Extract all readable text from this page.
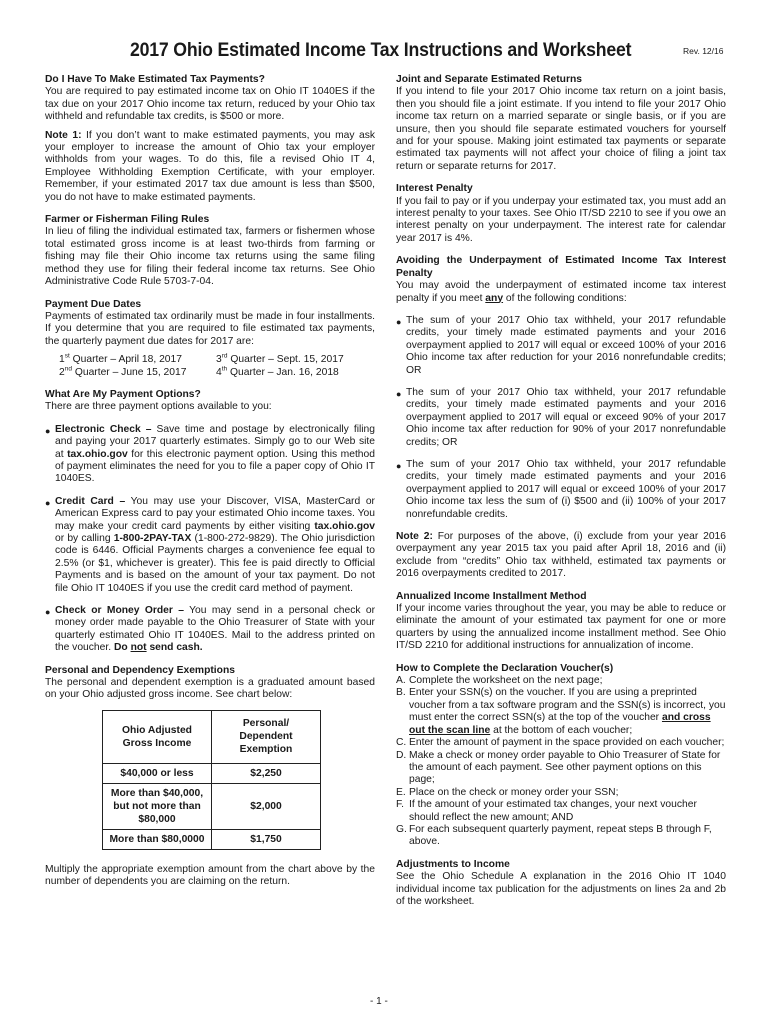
2017 Ohio Estimated Income Tax Instructions and Worksheet	Rev. 12/16

Do I Have To Make Estimated Tax Payments?

You are required to pay estimated income tax on Ohio IT 1040ES if the tax due on your 2017 Ohio income tax return, reduced by your Ohio tax withheld and refundable tax credits, is $500 or more.

Note 1: If you don’t want to make estimated payments, you may ask your employer to increase the amount of Ohio tax your employer withholds from your wages. To do this, file a revised Ohio IT 4, Employee Withholding Exemption Certificate, with your employer. Remember, if your estimated 2017 tax due amount is less than $500, you do not have to make estimated payments.

Farmer or Fisherman Filing Rules

In lieu of filing the individual estimated tax, farmers or fishermen whose total estimated gross income is at least two-thirds from farming or fishing may file their Ohio income tax returns using the same filing method they use for filing their federal income tax returns. See Ohio Administrative Code Rule 5703-7-04.

Payment Due Dates

Payments of estimated tax ordinarily must be made in four installments. If you determine that you are required to file estimated tax payments, the quarterly payment due dates for 2017 are:

1st Quarter – April 18, 2017	3rd Quarter – Sept. 15, 2017
2nd Quarter – June 15, 2017	4th Quarter – Jan. 16, 2018

What Are My Payment Options?

There are three payment options available to you:

● Electronic Check – Save time and postage by electronically filing and paying your 2017 quarterly estimates. Simply go to our Web site at tax.ohio.gov for this electronic payment option. Using this method of payment eliminates the need for you to file a paper copy of Ohio IT 1040ES.
● Credit Card – You may use your Discover, VISA, MasterCard or American Express card to pay your estimated Ohio income taxes. You may make your credit card payments by either visiting tax.ohio.gov or by calling 1-800-2PAY-TAX (1-800-272-9829). The Ohio jurisdiction code is 6446. Official Payments charges a convenience fee equal to 2.5% (or $1, whichever is greater). This fee is paid directly to Official Payments and is based on the amount of your tax payment. Do not file Ohio IT 1040ES if you use the credit card method of payment.
● Check or Money Order – You may send in a personal check or money order made payable to the Ohio Treasurer of State with your quarterly estimated Ohio IT 1040ES. Mail to the address printed on the voucher. Do not send cash.

Personal and Dependency Exemptions

The personal and dependent exemption is a graduated amount based on your Ohio adjusted gross income. See chart below:

Ohio Adjusted Gross Income	Personal/ Dependent Exemption
$40,000 or less	$2,250
More than $40,000, but not more than $80,000	$2,000
More than $80,0000	$1,750

Multiply the appropriate exemption amount from the chart above by the number of dependents you are claiming on the return.

Joint and Separate Estimated Returns

If you intend to file your 2017 Ohio income tax return on a joint basis, then you should file a joint estimate. If you intend to file your 2017 Ohio income tax return on a married separate or single basis, or if you are unsure, then you should file separate estimated vouchers for yourself and for your spouse. Making joint estimated tax payments or separate estimated tax payments will not affect your choice of filing a joint tax return or separate returns for 2017.

Interest Penalty

If you fail to pay or if you underpay your estimated tax, you must add an interest penalty to your taxes. See Ohio IT/SD 2210 to see if you owe an interest penalty on your underpayment. The interest rate for calendar year 2017 is 4%.

Avoiding the Underpayment of Estimated Income Tax Interest Penalty

You may avoid the underpayment of estimated income tax interest penalty if you meet any of the following conditions:

● The sum of your 2017 Ohio tax withheld, your 2017 refundable credits, your timely made estimated payments and your 2016 overpayment applied to 2017 will equal or exceed 100% of your 2016 Ohio income tax after reduction for your 2016 nonrefundable credits; OR
● The sum of your 2017 Ohio tax withheld, your 2017 refundable credits, your timely made estimated payments and your 2016 overpayment applied to 2017 will equal or exceed 90% of your 2017 Ohio income tax after reduction for 90% of your 2017 nonrefundable credits; OR
● The sum of your 2017 Ohio tax withheld, your 2017 refundable credits, your timely made estimated payments and your 2016 overpayment applied to 2017 will equal or exceed 100% of your 2017 Ohio income tax less the sum of (i) $500 and (ii) 100% of your 2017 nonrefundable credits.

Note 2: For purposes of the above, (i) exclude from your year 2016 overpayment any year 2015 tax you paid after April 18, 2016 and (ii) exclude from “credits” Ohio tax withheld, estimated tax payments or 2016 overpayments credited to 2017.

Annualized Income Installment Method

If your income varies throughout the year, you may be able to reduce or eliminate the amount of your estimated tax payment for one or more quarters by using the annualized income installment method. See Ohio IT/SD 2210 for additional instructions for annualization of income.

How to Complete the Declaration Voucher(s)

A. Complete the worksheet on the next page;
B. Enter your SSN(s) on the voucher. If you are using a preprinted voucher from a tax software program and the SSN(s) is incorrect, you must enter the correct SSN(s) at the top of the voucher and cross out the scan line at the bottom of each voucher;
C. Enter the amount of payment in the space provided on each voucher;
D. Make a check or money order payable to Ohio Treasurer of State for the amount of each payment. See other payment options on this page;
E. Place on the check or money order your SSN;
F. If the amount of your estimated tax changes, your next voucher should reflect the new amount; AND
G. For each subsequent quarterly payment, repeat steps B through F, above.

Adjustments to Income

See the Ohio Schedule A explanation in the 2016 Ohio IT 1040 individual income tax publication for the adjustments on lines 2a and 2b of the worksheet.

- 1 -
